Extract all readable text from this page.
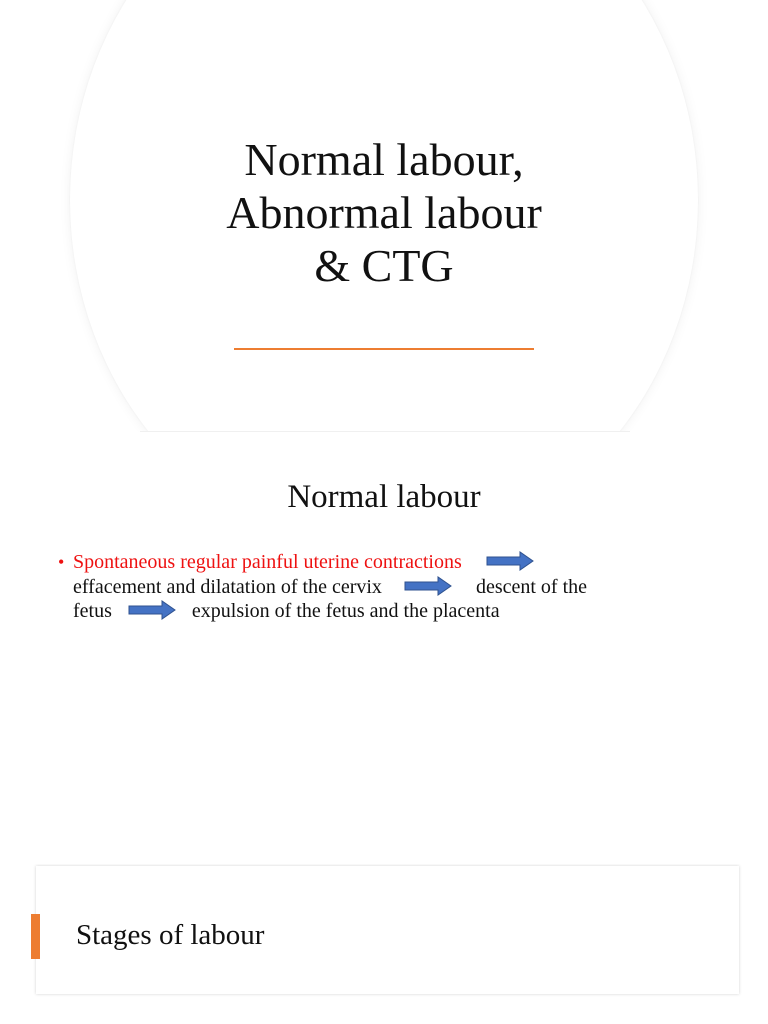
Normal labour,
Abnormal labour
& CTG
Normal labour
• Spontaneous regular painful uterine contractions
effacement and dilatation of the cervix	descent of the
fetus	expulsion of the fetus and the placenta
Stages of labour
